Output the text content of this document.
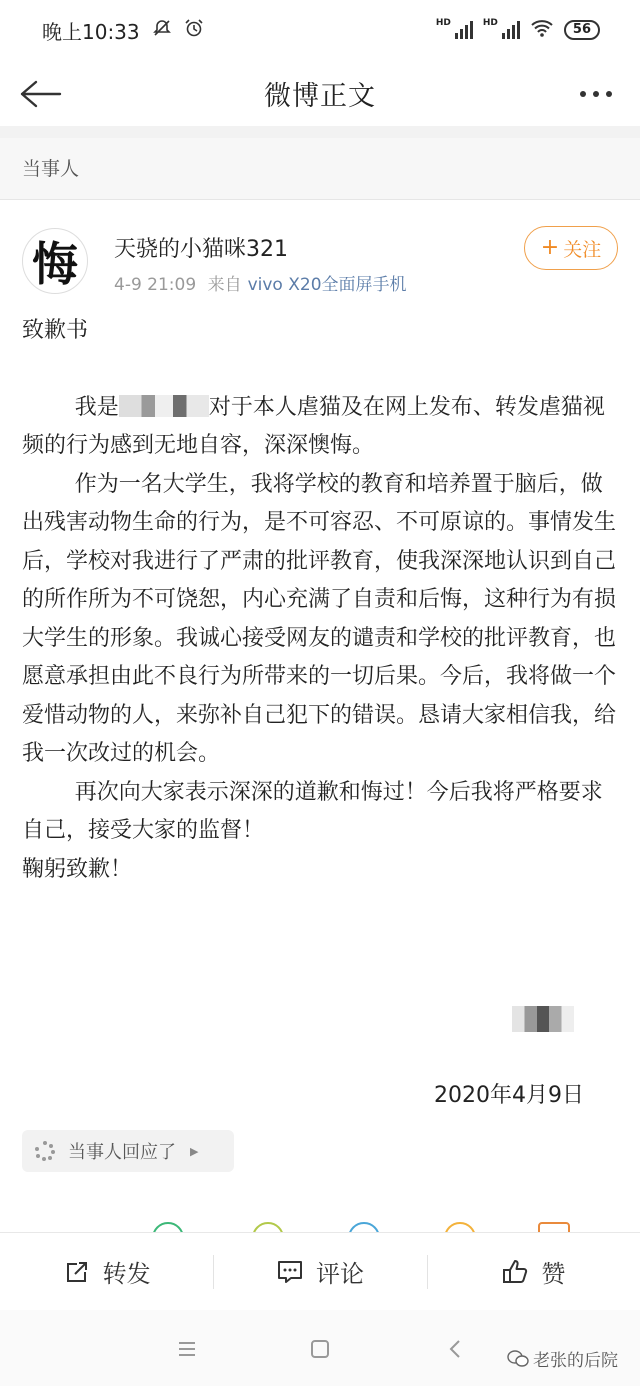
晚上10:33	HD	HD	56
微博正文
当事人
悔	天骁的小猫咪321
4-9 21:09 来自 vivo X20全面屏手机
+ 关注
致歉书

我是	对于本人虐猫及在网上发布、转发虐猫视频的行为感到无地自容，深深懊悔。

作为一名大学生，我将学校的教育和培养置于脑后，做出残害动物生命的行为，是不可容忍、不可原谅的。事情发生后，学校对我进行了严肃的批评教育，使我深深地认识到自己的所作所为不可饶恕，内心充满了自责和后悔，这种行为有损大学生的形象。我诚心接受网友的谴责和学校的批评教育，也愿意承担由此不良行为所带来的一切后果。今后，我将做一个爱惜动物的人，来弥补自己犯下的错误。恳请大家相信我，给我一次改过的机会。

再次向大家表示深深的道歉和悔过！今后我将严格要求自己，接受大家的监督！

鞠躬致歉！

2020年4月9日
当事人回应了 ▶
转发	评论	赞
老张的后院
